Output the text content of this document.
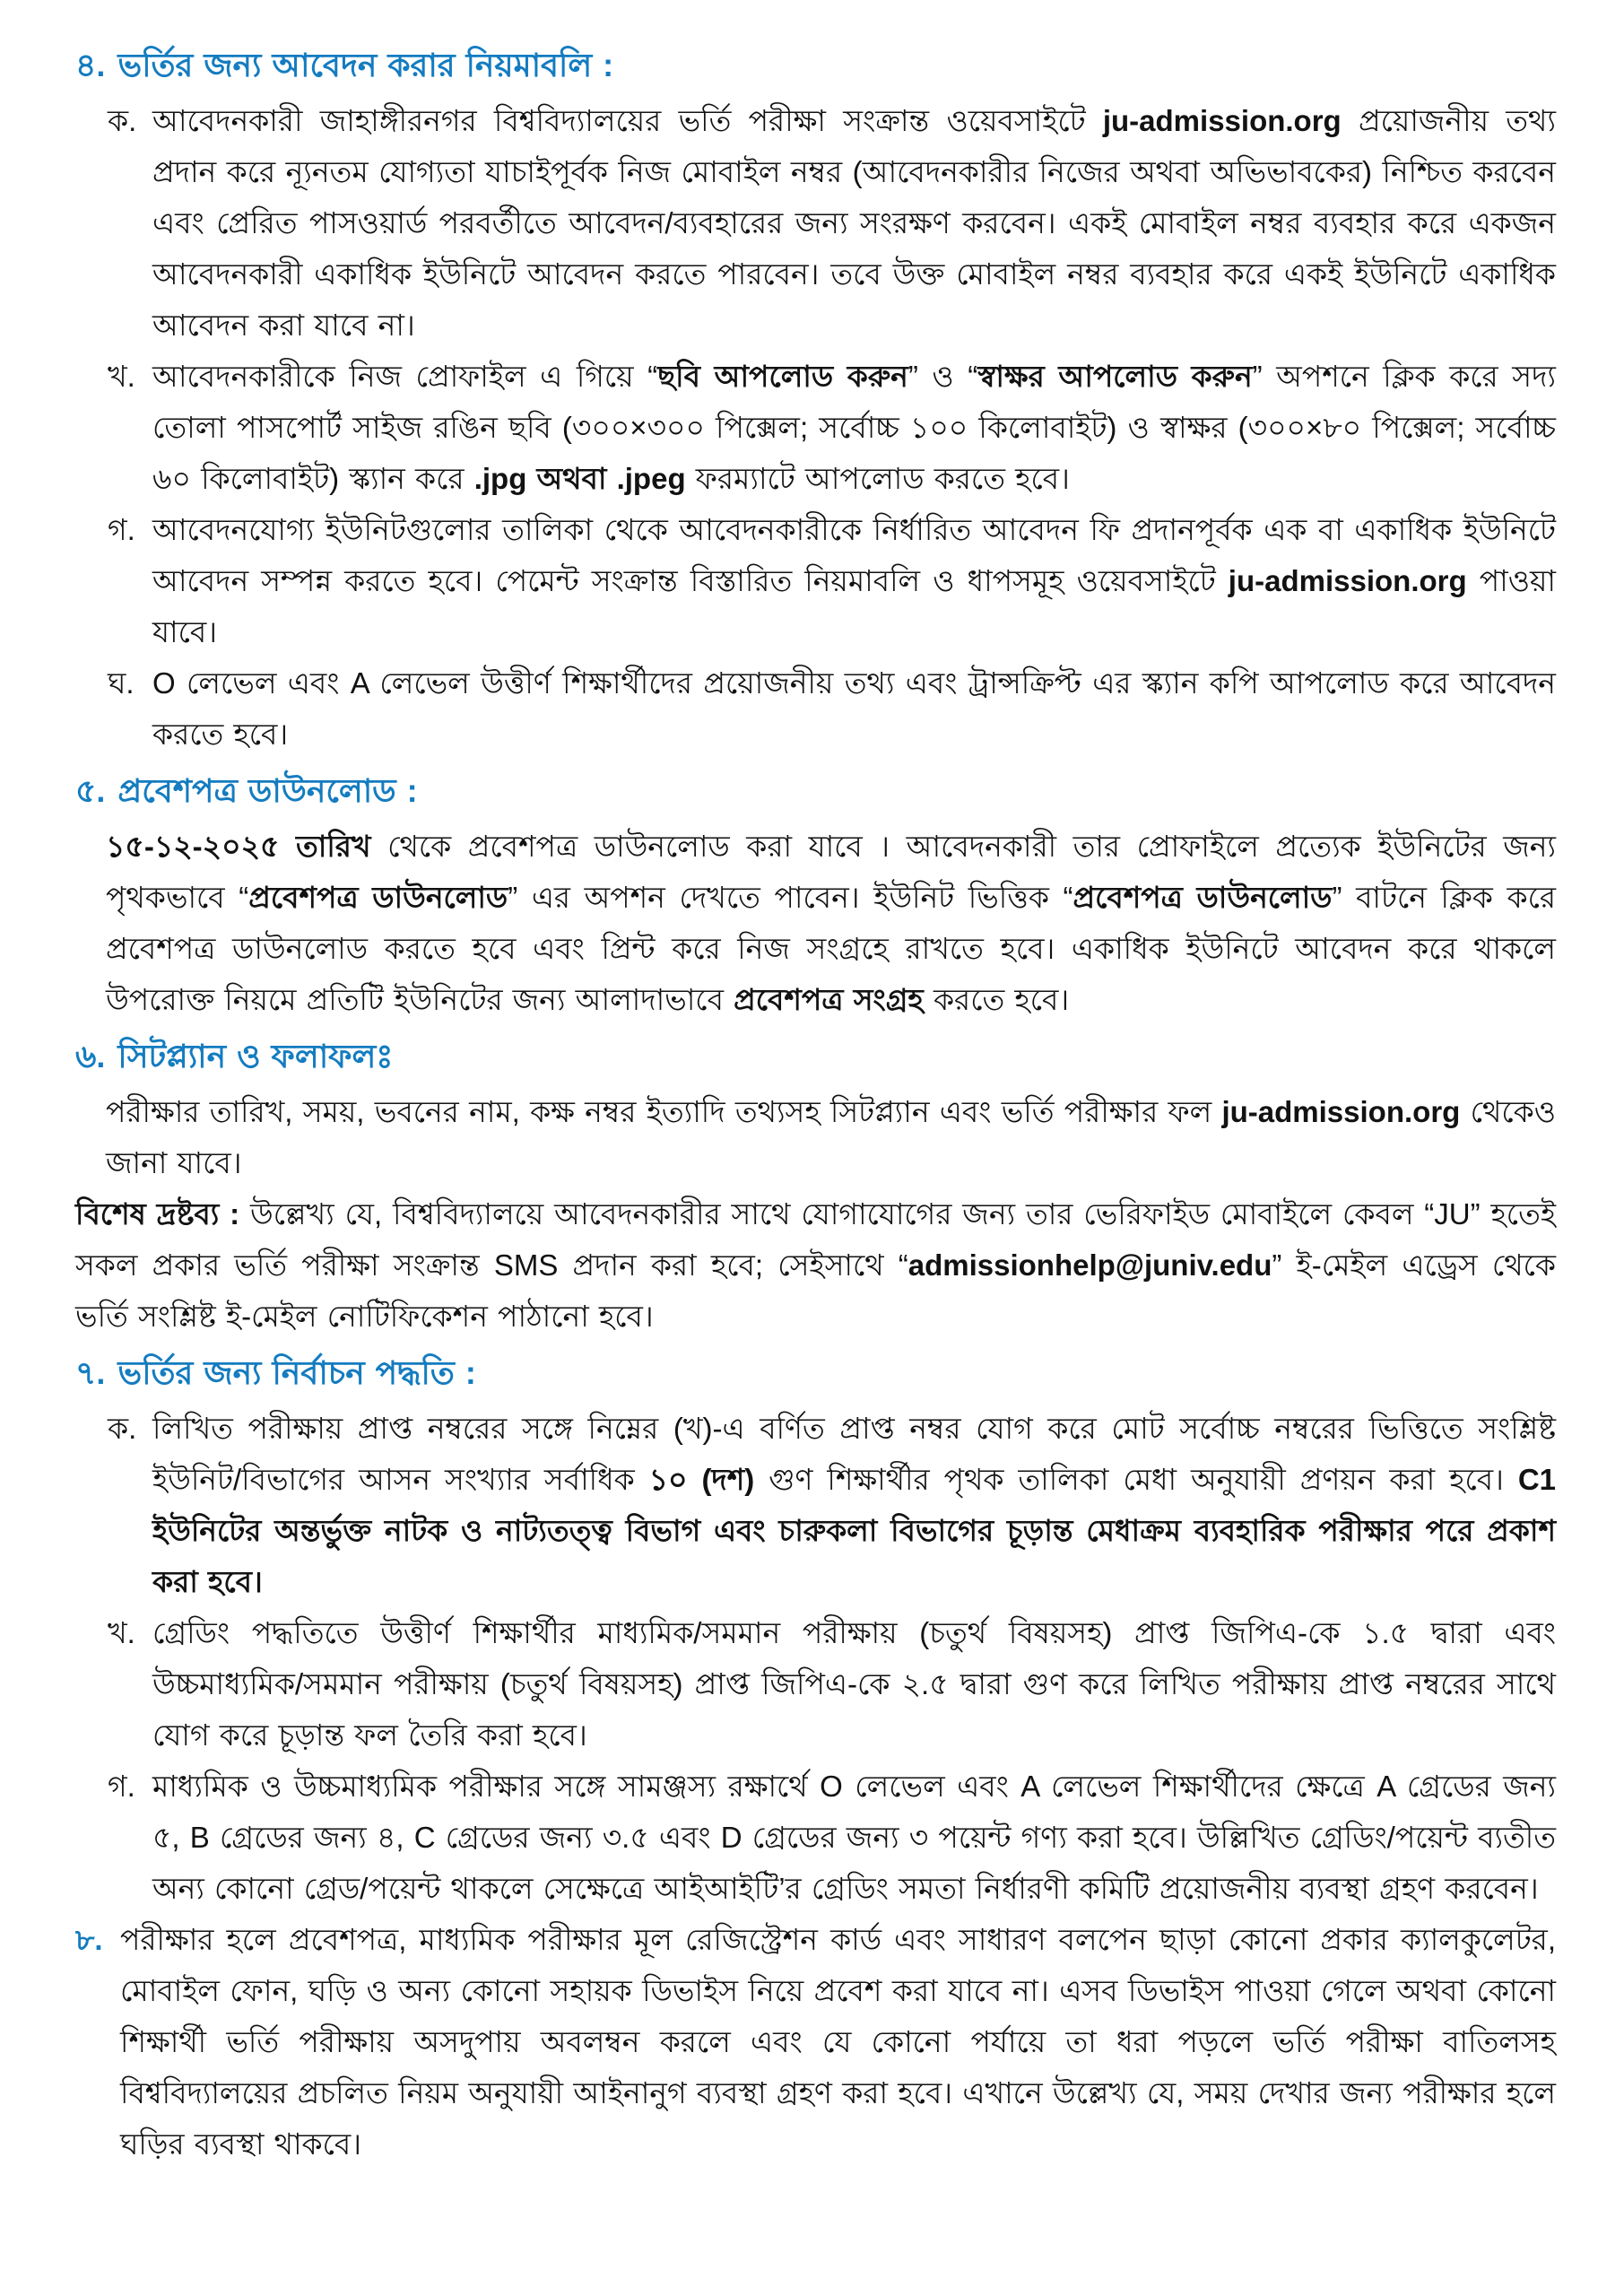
৪. ভর্তির জন্য আবেদন করার নিয়মাবলি :
ক. আবেদনকারী জাহাঙ্গীরনগর বিশ্ববিদ্যালয়ের ভর্তি পরীক্ষা সংক্রান্ত ওয়েবসাইটে ju-admission.org প্রয়োজনীয় তথ্য প্রদান করে ন্যূনতম যোগ্যতা যাচাইপূর্বক নিজ মোবাইল নম্বর (আবেদনকারীর নিজের অথবা অভিভাবকের) নিশ্চিত করবেন এবং প্রেরিত পাসওয়ার্ড পরবর্তীতে আবেদন/ব্যবহারের জন্য সংরক্ষণ করবেন। একই মোবাইল নম্বর ব্যবহার করে একজন আবেদনকারী একাধিক ইউনিটে আবেদন করতে পারবেন। তবে উক্ত মোবাইল নম্বর ব্যবহার করে একই ইউনিটে একাধিক আবেদন করা যাবে না।
খ. আবেদনকারীকে নিজ প্রোফাইল এ গিয়ে “ছবি আপলোড করুন” ও “স্বাক্ষর আপলোড করুন” অপশনে ক্লিক করে সদ্য তোলা পাসপোর্ট সাইজ রঙিন ছবি (৩০০×৩০০ পিক্সেল; সর্বোচ্চ ১০০ কিলোবাইট) ও স্বাক্ষর (৩০০×৮০ পিক্সেল; সর্বোচ্চ ৬০ কিলোবাইট) স্ক্যান করে .jpg অথবা .jpeg ফরম্যাটে আপলোড করতে হবে।
গ. আবেদনযোগ্য ইউনিটগুলোর তালিকা থেকে আবেদনকারীকে নির্ধারিত আবেদন ফি প্রদানপূর্বক এক বা একাধিক ইউনিটে আবেদন সম্পন্ন করতে হবে। পেমেন্ট সংক্রান্ত বিস্তারিত নিয়মাবলি ও ধাপসমূহ ওয়েবসাইটে ju-admission.org পাওয়া যাবে।
ঘ. O লেভেল এবং A লেভেল উত্তীর্ণ শিক্ষার্থীদের প্রয়োজনীয় তথ্য এবং ট্রান্সক্রিপ্ট এর স্ক্যান কপি আপলোড করে আবেদন করতে হবে।
৫. প্রবেশপত্র ডাউনলোড :
১৫-১২-২০২৫ তারিখ থেকে প্রবেশপত্র ডাউনলোড করা যাবে । আবেদনকারী তার প্রোফাইলে প্রত্যেক ইউনিটের জন্য পৃথকভাবে “প্রবেশপত্র ডাউনলোড” এর অপশন দেখতে পাবেন। ইউনিট ভিত্তিক “প্রবেশপত্র ডাউনলোড” বাটনে ক্লিক করে প্রবেশপত্র ডাউনলোড করতে হবে এবং প্রিন্ট করে নিজ সংগ্রহে রাখতে হবে। একাধিক ইউনিটে আবেদন করে থাকলে উপরোক্ত নিয়মে প্রতিটি ইউনিটের জন্য আলাদাভাবে প্রবেশপত্র সংগ্রহ করতে হবে।
৬. সিটপ্ল্যান ও ফলাফলঃ
পরীক্ষার তারিখ, সময়, ভবনের নাম, কক্ষ নম্বর ইত্যাদি তথ্যসহ সিটপ্ল্যান এবং ভর্তি পরীক্ষার ফল ju-admission.org থেকেও জানা যাবে।
বিশেষ দ্রষ্টব্য : উল্লেখ্য যে, বিশ্ববিদ্যালয়ে আবেদনকারীর সাথে যোগাযোগের জন্য তার ভেরিফাইড মোবাইলে কেবল “JU” হতেই সকল প্রকার ভর্তি পরীক্ষা সংক্রান্ত SMS প্রদান করা হবে; সেইসাথে “admissionhelp@juniv.edu” ই-মেইল এড্রেস থেকে ভর্তি সংশ্লিষ্ট ই-মেইল নোটিফিকেশন পাঠানো হবে।
৭. ভর্তির জন্য নির্বাচন পদ্ধতি :
ক. লিখিত পরীক্ষায় প্রাপ্ত নম্বরের সঙ্গে নিম্নের (খ)-এ বর্ণিত প্রাপ্ত নম্বর যোগ করে মোট সর্বোচ্চ নম্বরের ভিত্তিতে সংশ্লিষ্ট ইউনিট/বিভাগের আসন সংখ্যার সর্বাধিক ১০ (দশ) গুণ শিক্ষার্থীর পৃথক তালিকা মেধা অনুযায়ী প্রণয়ন করা হবে। C1 ইউনিটের অন্তর্ভুক্ত নাটক ও নাট্যতত্ত্ব বিভাগ এবং চারুকলা বিভাগের চূড়ান্ত মেধাক্রম ব্যবহারিক পরীক্ষার পরে প্রকাশ করা হবে।
খ. গ্রেডিং পদ্ধতিতে উত্তীর্ণ শিক্ষার্থীর মাধ্যমিক/সমমান পরীক্ষায় (চতুর্থ বিষয়সহ) প্রাপ্ত জিপিএ-কে ১.৫ দ্বারা এবং উচ্চমাধ্যমিক/সমমান পরীক্ষায় (চতুর্থ বিষয়সহ) প্রাপ্ত জিপিএ-কে ২.৫ দ্বারা গুণ করে লিখিত পরীক্ষায় প্রাপ্ত নম্বরের সাথে যোগ করে চূড়ান্ত ফল তৈরি করা হবে।
গ. মাধ্যমিক ও উচ্চমাধ্যমিক পরীক্ষার সঙ্গে সামঞ্জস্য রক্ষার্থে O লেভেল এবং A লেভেল শিক্ষার্থীদের ক্ষেত্রে A গ্রেডের জন্য ৫, B গ্রেডের জন্য ৪, C গ্রেডের জন্য ৩.৫ এবং D গ্রেডের জন্য ৩ পয়েন্ট গণ্য করা হবে। উল্লিখিত গ্রেডিং/পয়েন্ট ব্যতীত অন্য কোনো গ্রেড/পয়েন্ট থাকলে সেক্ষেত্রে আইআইটি’র গ্রেডিং সমতা নির্ধারণী কমিটি প্রয়োজনীয় ব্যবস্থা গ্রহণ করবেন।
৮. পরীক্ষার হলে প্রবেশপত্র, মাধ্যমিক পরীক্ষার মূল রেজিস্ট্রেশন কার্ড এবং সাধারণ বলপেন ছাড়া কোনো প্রকার ক্যালকুলেটর, মোবাইল ফোন, ঘড়ি ও অন্য কোনো সহায়ক ডিভাইস নিয়ে প্রবেশ করা যাবে না। এসব ডিভাইস পাওয়া গেলে অথবা কোনো শিক্ষার্থী ভর্তি পরীক্ষায় অসদুপায় অবলম্বন করলে এবং যে কোনো পর্যায়ে তা ধরা পড়লে ভর্তি পরীক্ষা বাতিলসহ বিশ্ববিদ্যালয়ের প্রচলিত নিয়ম অনুযায়ী আইনানুগ ব্যবস্থা গ্রহণ করা হবে। এখানে উল্লেখ্য যে, সময় দেখার জন্য পরীক্ষার হলে ঘড়ির ব্যবস্থা থাকবে।
